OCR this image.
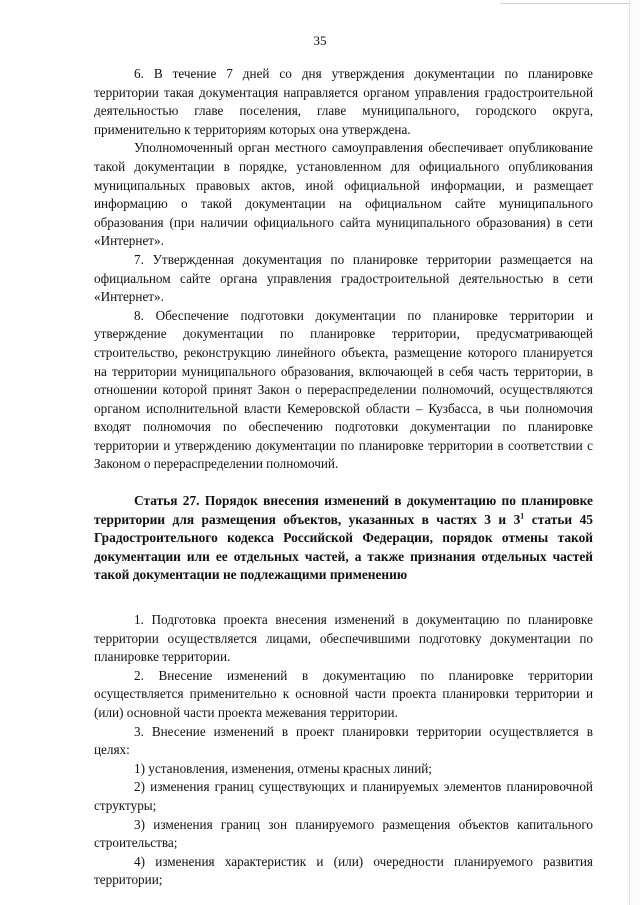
35

6. В течение 7 дней со дня утверждения документации по планировке территории такая документация направляется органом управления градостроительной деятельностью главе поселения, главе муниципального, городского округа, применительно к территориям которых она утверждена.

Уполномоченный орган местного самоуправления обеспечивает опубликование такой документации в порядке, установленном для официального опубликования муниципальных правовых актов, иной официальной информации, и размещает информацию о такой документации на официальном сайте муниципального образования (при наличии официального сайта муниципального образования) в сети «Интернет».

7. Утвержденная документация по планировке территории размещается на официальном сайте органа управления градостроительной деятельностью в сети «Интернет».

8. Обеспечение подготовки документации по планировке территории и утверждение документации по планировке территории, предусматривающей строительство, реконструкцию линейного объекта, размещение которого планируется на территории муниципального образования, включающей в себя часть территории, в отношении которой принят Закон о перераспределении полномочий, осуществляются органом исполнительной власти Кемеровской области – Кузбасса, в чьи полномочия входят полномочия по обеспечению подготовки документации по планировке территории и утверждению документации по планировке территории в соответствии с Законом о перераспределении полномочий.

Статья 27. Порядок внесения изменений в документацию по планировке территории для размещения объектов, указанных в частях 3 и $3^1$ статьи 45 Градостроительного кодекса Российской Федерации, порядок отмены такой документации или ее отдельных частей, а также признания отдельных частей такой документации не подлежащими применению

1. Подготовка проекта внесения изменений в документацию по планировке территории осуществляется лицами, обеспечившими подготовку документации по планировке территории.

2. Внесение изменений в документацию по планировке территории осуществляется применительно к основной части проекта планировки территории и (или) основной части проекта межевания территории.

3. Внесение изменений в проект планировки территории осуществляется в целях:

1) установления, изменения, отмены красных линий;

2) изменения границ существующих и планируемых элементов планировочной структуры;

3) изменения границ зон планируемого размещения объектов капитального строительства;

4) изменения характеристик и (или) очередности планируемого развития территории;
